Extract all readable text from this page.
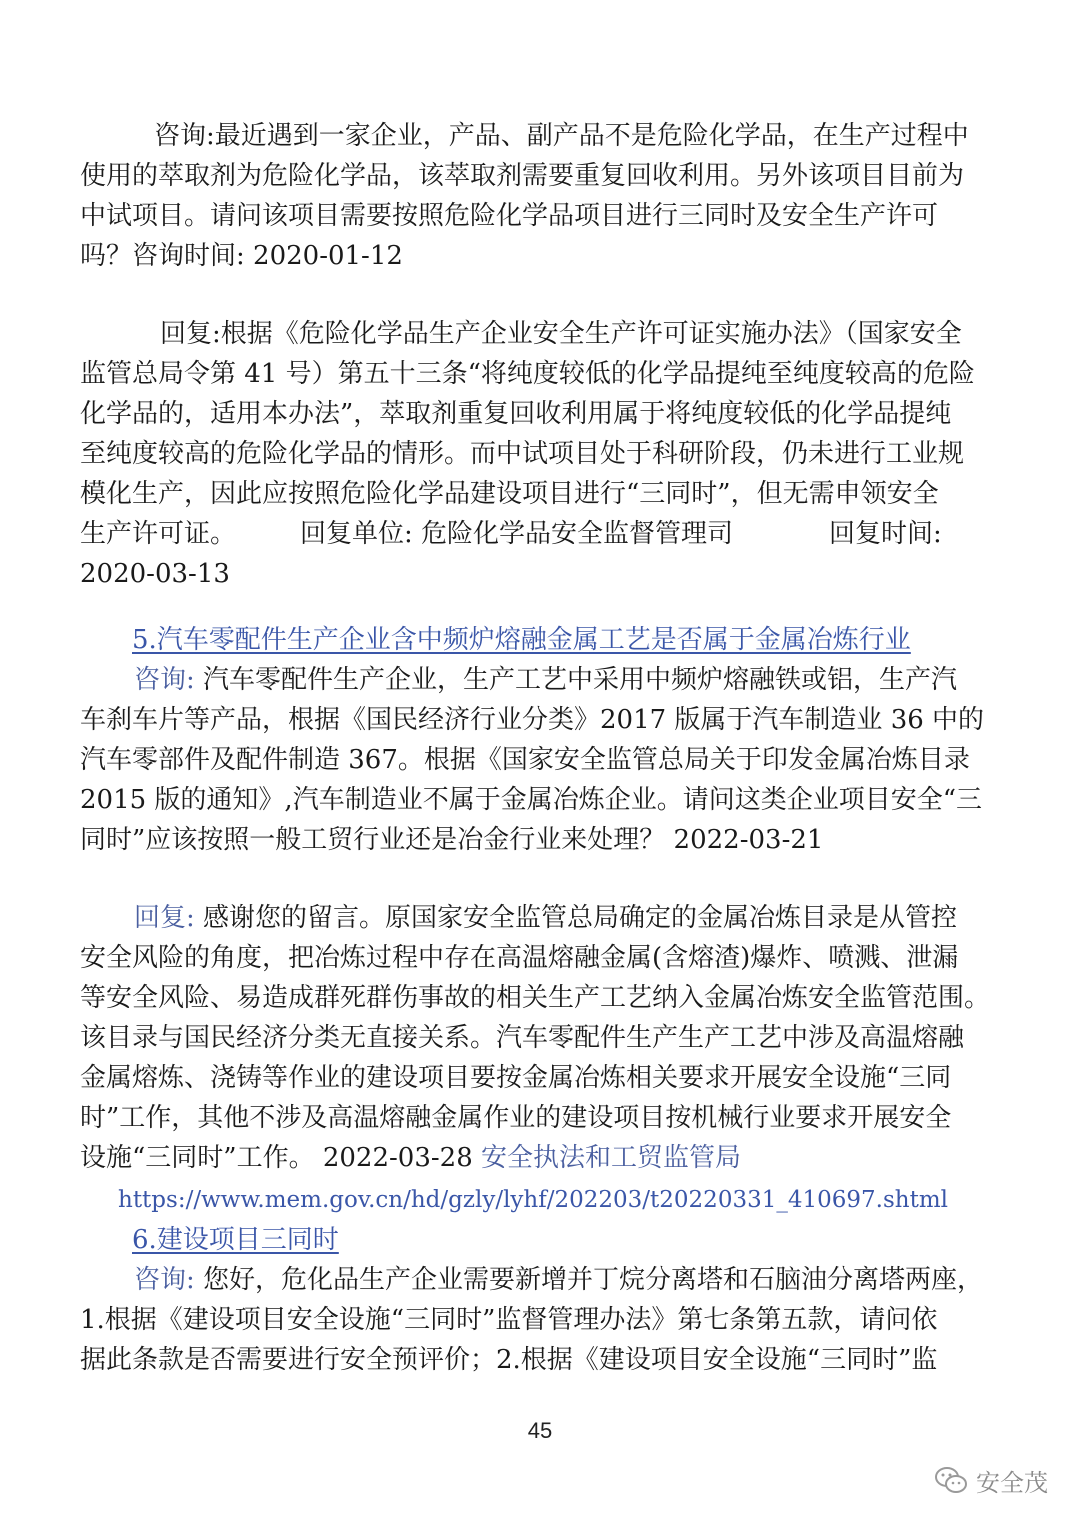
咨询:最近遇到一家企业，产品、副产品不是危险化学品，在生产过程中
使用的萃取剂为危险化学品，该萃取剂需要重复回收利用。另外该项目目前为
中试项目。请问该项目需要按照危险化学品项目进行三同时及安全生产许可
吗？咨询时间: 2020-01-12
回复:根据《危险化学品生产企业安全生产许可证实施办法》（国家安全
监管总局令第 41 号）第五十三条“将纯度较低的化学品提纯至纯度较高的危险
化学品的，适用本办法”，萃取剂重复回收利用属于将纯度较低的化学品提纯
至纯度较高的危险化学品的情形。而中试项目处于科研阶段，仍未进行工业规
模化生产，因此应按照危险化学品建设项目进行“三同时”，但无需申领安全
生产许可证。 回复单位: 危险化学品安全监督管理司	回复时间:
2020-03-13
5.汽车零配件生产企业含中频炉熔融金属工艺是否属于金属冶炼行业
咨询: 汽车零配件生产企业，生产工艺中采用中频炉熔融铁或铝，生产汽
车刹车片等产品，根据《国民经济行业分类》2017 版属于汽车制造业 36 中的
汽车零部件及配件制造 367。根据《国家安全监管总局关于印发金属冶炼目录
2015 版的通知》,汽车制造业不属于金属冶炼企业。请问这类企业项目安全“三
同时”应该按照一般工贸行业还是冶金行业来处理？ 2022-03-21
回复: 感谢您的留言。原国家安全监管总局确定的金属冶炼目录是从管控
安全风险的角度，把冶炼过程中存在高温熔融金属(含熔渣)爆炸、喷溅、泄漏
等安全风险、易造成群死群伤事故的相关生产工艺纳入金属冶炼安全监管范围。
该目录与国民经济分类无直接关系。汽车零配件生产生产工艺中涉及高温熔融
金属熔炼、浇铸等作业的建设项目要按金属冶炼相关要求开展安全设施“三同
时”工作，其他不涉及高温熔融金属作业的建设项目按机械行业要求开展安全
设施“三同时”工作。 2022-03-28 安全执法和工贸监管局
https://www.mem.gov.cn/hd/gzly/lyhf/202203/t20220331_410697.shtml
6.建设项目三同时
咨询: 您好，危化品生产企业需要新增并丁烷分离塔和石脑油分离塔两座，
1.根据《建设项目安全设施“三同时”监督管理办法》第七条第五款，请问依
据此条款是否需要进行安全预评价；2.根据《建设项目安全设施“三同时”监
45
安全茂
